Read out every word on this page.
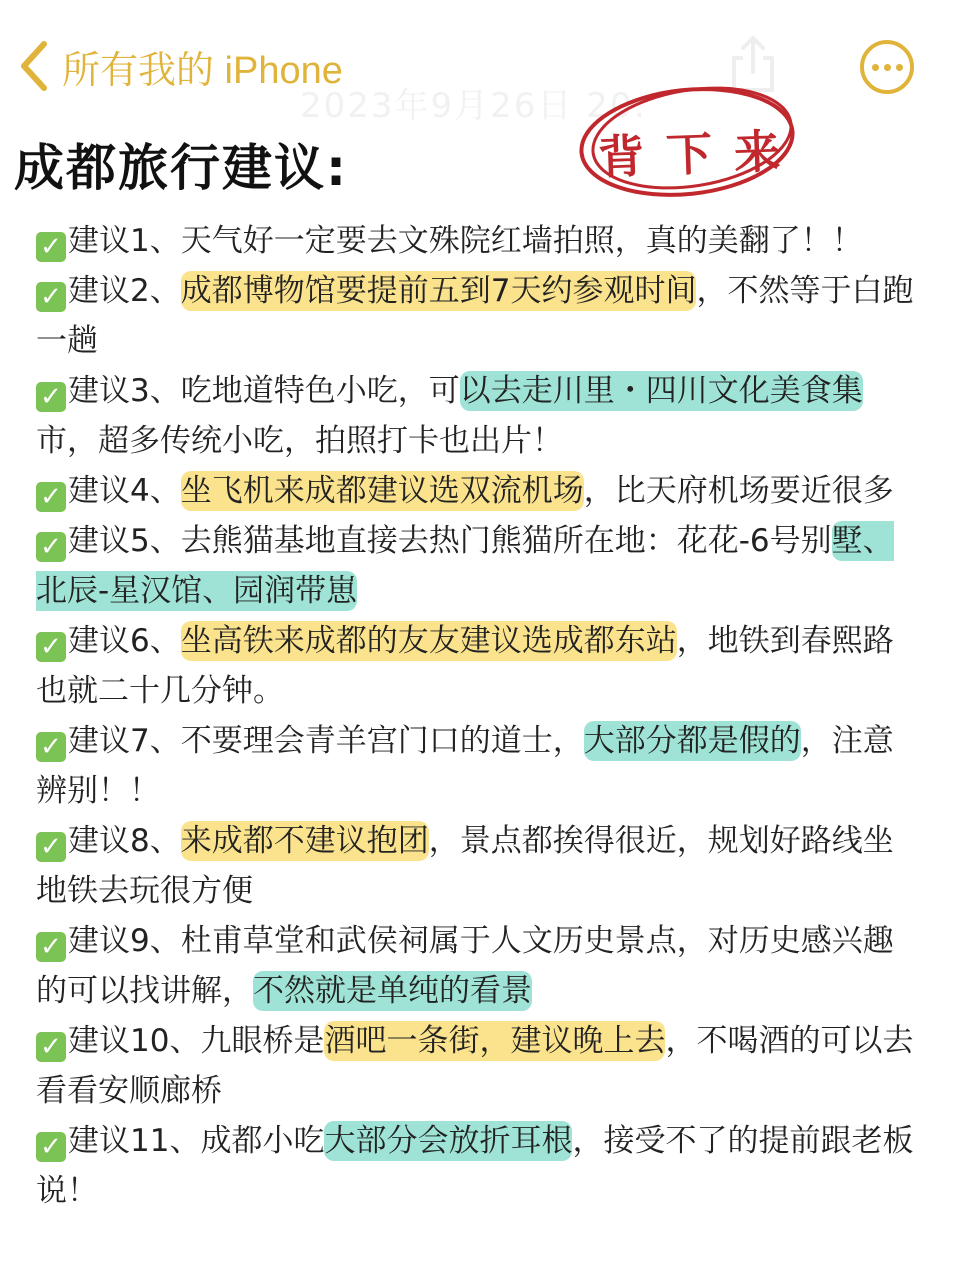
所有我的 iPhone
2023年9月26日 20:
成都旅行建议:	背下来

✓ 建议1、天气好一定要去文殊院红墙拍照，真的美翻了！！

✓ 建议2、成都博物馆要提前五到7天约参观时间，不然等于白跑一趟

✓ 建议3、吃地道特色小吃，可以去走川里・四川文化美食集市，超多传统小吃，拍照打卡也出片！

✓ 建议4、坐飞机来成都建议选双流机场，比天府机场要近很多

✓ 建议5、去熊猫基地直接去热门熊猫所在地：花花-6号别墅、北辰-星汉馆、园润带崽

✓ 建议6、坐高铁来成都的友友建议选成都东站，地铁到春熙路也就二十几分钟。

✓ 建议7、不要理会青羊宫门口的道士，大部分都是假的，注意辨别！！

✓ 建议8、来成都不建议抱团，景点都挨得很近，规划好路线坐地铁去玩很方便

✓ 建议9、杜甫草堂和武侯祠属于人文历史景点，对历史感兴趣的可以找讲解，不然就是单纯的看景

✓ 建议10、九眼桥是酒吧一条街，建议晚上去，不喝酒的可以去看看安顺廊桥

✓ 建议11、成都小吃大部分会放折耳根，接受不了的提前跟老板说！
